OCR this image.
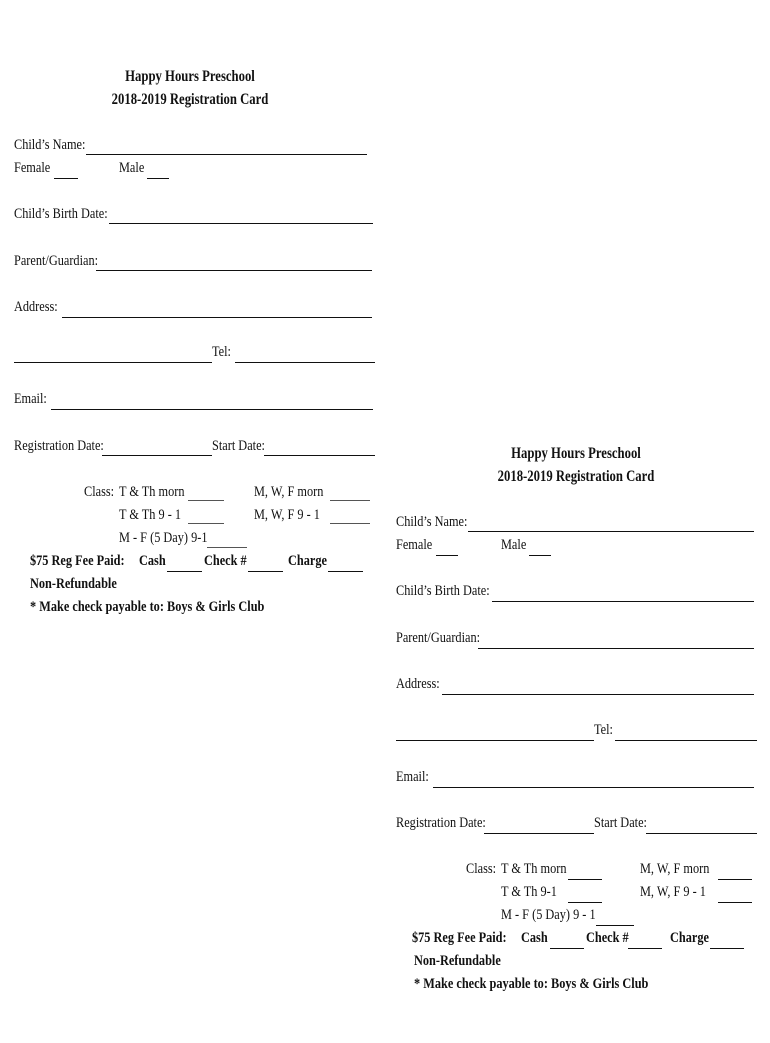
Happy Hours Preschool
2018-2019 Registration Card
Child’s Name:
Female	Male
Child’s Birth Date:
Parent/Guardian:
Address:
Tel:
Email:
Registration Date:	Start Date:
Class: T & Th morn	M, W, F morn
T & Th 9 - 1	M, W, F 9 - 1
M - F (5 Day) 9-1
$75 Reg Fee Paid: Cash	Check #	Charge
Non-Refundable
* Make check payable to: Boys & Girls Club
Happy Hours Preschool
2018-2019 Registration Card
Child’s Name:
Female	Male
Child’s Birth Date:
Parent/Guardian:
Address:
Tel:
Email:
Registration Date:	Start Date:
Class: T & Th morn	M, W, F morn
T & Th 9-1	M, W, F 9 - 1
M - F (5 Day) 9 - 1
$75 Reg Fee Paid: Cash	Check #	Charge
Non-Refundable
* Make check payable to: Boys & Girls Club
